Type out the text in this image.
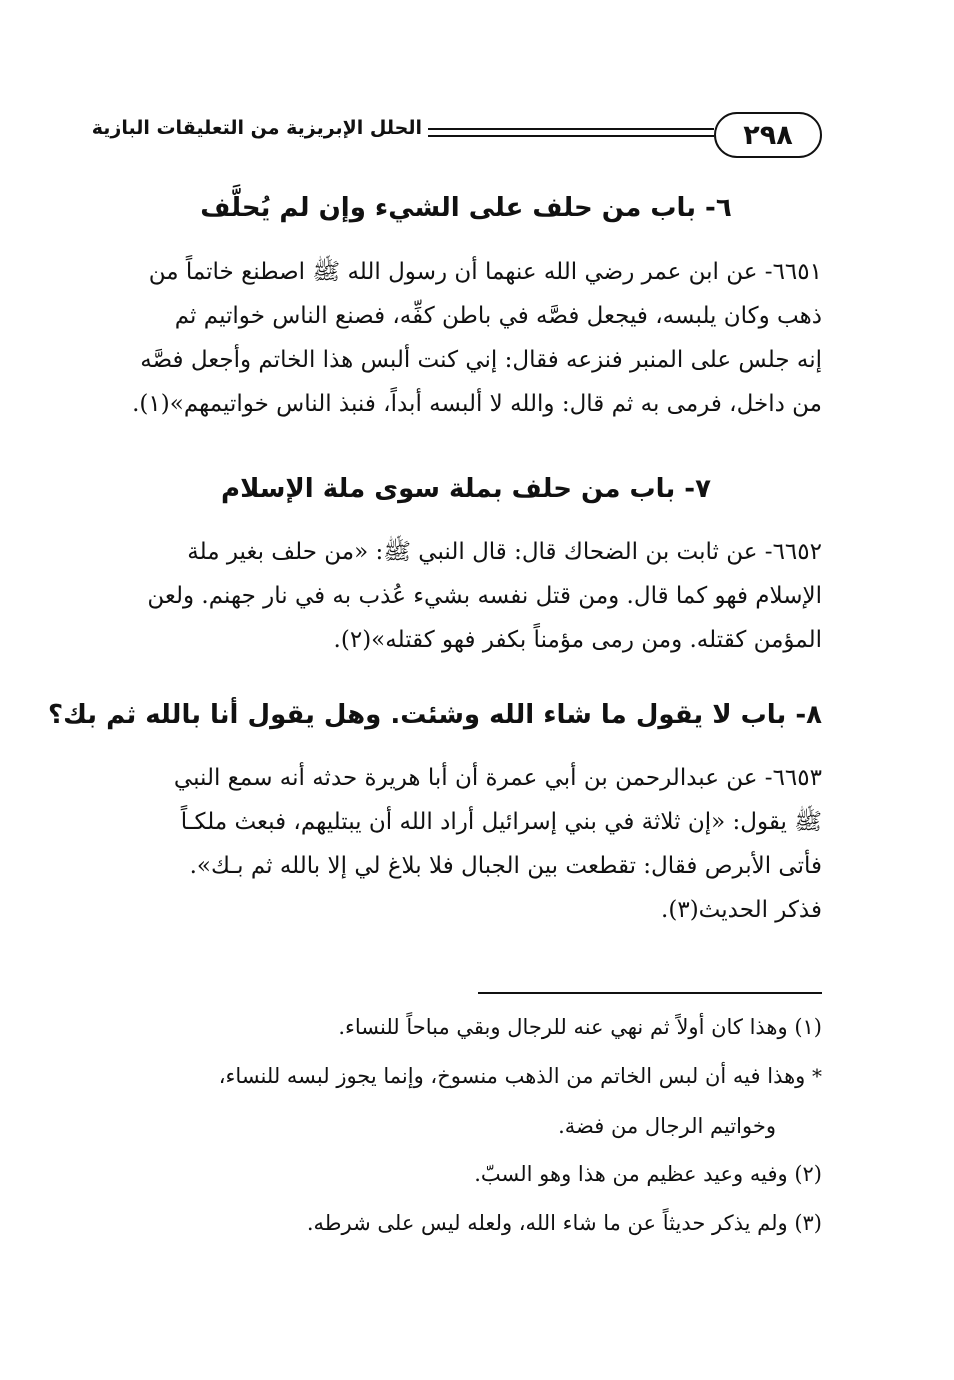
٢٩٨
الحلل الإبريزية من التعليقات البازية
٦- باب من حلف على الشيء وإن لم يُحلَّف
٦٦٥١- عن ابن عمر رضي الله عنهما أن رسول الله ﷺ اصطنع خاتماً من
ذهب وكان يلبسه، فيجعل فصَّه في باطن كفِّه، فصنع الناس خواتيم ثم
إنه جلس على المنبر فنزعه فقال: إني كنت ألبس هذا الخاتم وأجعل فصَّه
من داخل، فرمى به ثم قال: والله لا ألبسه أبداً، فنبذ الناس خواتيمهم»(١).
٧- باب من حلف بملة سوى ملة الإسلام
٦٦٥٢- عن ثابت بن الضحاك قال: قال النبي ﷺ: «من حلف بغير ملة
الإسلام فهو كما قال. ومن قتل نفسه بشيء عُذب به في نار جهنم. ولعن
المؤمن كقتله. ومن رمى مؤمناً بكفر فهو كقتله»(٢).
٨- باب لا يقول ما شاء الله وشئت. وهل يقول أنا بالله ثم بك؟
٦٦٥٣- عن عبدالرحمن بن أبي عمرة أن أبا هريرة حدثه أنه سمع النبي
ﷺ يقول: «إن ثلاثة في بني إسرائيل أراد الله أن يبتليهم، فبعث ملكـاً
فأتى الأبرص فقال: تقطعت بين الجبال فلا بلاغ لي إلا بالله ثم بـك».
فذكر الحديث(٣).
(١) وهذا كان أولاً ثم نهي عنه للرجال وبقي مباحاً للنساء.
* وهذا فيه أن لبس الخاتم من الذهب منسوخ، وإنما يجوز لبسه للنساء،
وخواتيم الرجال من فضة.
(٢) وفيه وعيد عظيم من هذا وهو السبّ.
(٣) ولم يذكر حديثاً عن ما شاء الله، ولعله ليس على شرطه.
